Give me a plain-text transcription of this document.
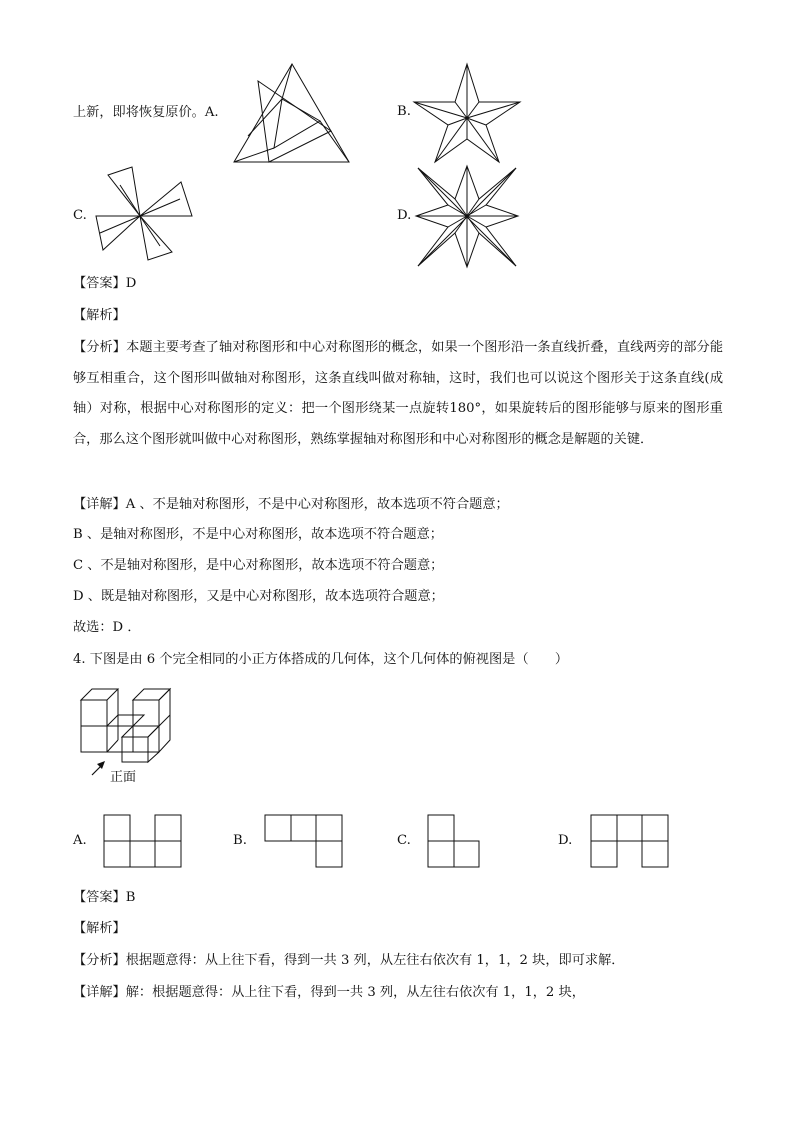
上新，即将恢复原价。A.	B.
C.	D.
【答案】D
【解析】
【分析】本题主要考查了轴对称图形和中心对称图形的概念，如果一个图形沿一条直线折叠，直线两旁的部分能够互相重合，这个图形叫做轴对称图形，这条直线叫做对称轴，这时，我们也可以说这个图形关于这条直线(成轴）对称，根据中心对称图形的定义：把一个图形绕某一点旋转180°，如果旋转后的图形能够与原来的图形重合，那么这个图形就叫做中心对称图形，熟练掌握轴对称图形和中心对称图形的概念是解题的关键．
【详解】A 、不是轴对称图形，不是中心对称图形，故本选项不符合题意；
B 、是轴对称图形，不是中心对称图形，故本选项不符合题意；
C 、不是轴对称图形，是中心对称图形，故本选项不符合题意；
D 、既是轴对称图形，又是中心对称图形，故本选项符合题意；
故选：D ．
4. 下图是由 6 个完全相同的小正方体搭成的几何体，这个几何体的俯视图是（　　）
正面
A.	B.	C.	D.
【答案】B
【解析】
【分析】根据题意得：从上往下看，得到一共 3 列，从左往右依次有 1，1，2 块，即可求解．
【详解】解：根据题意得：从上往下看，得到一共 3 列，从左往右依次有 1，1，2 块，
